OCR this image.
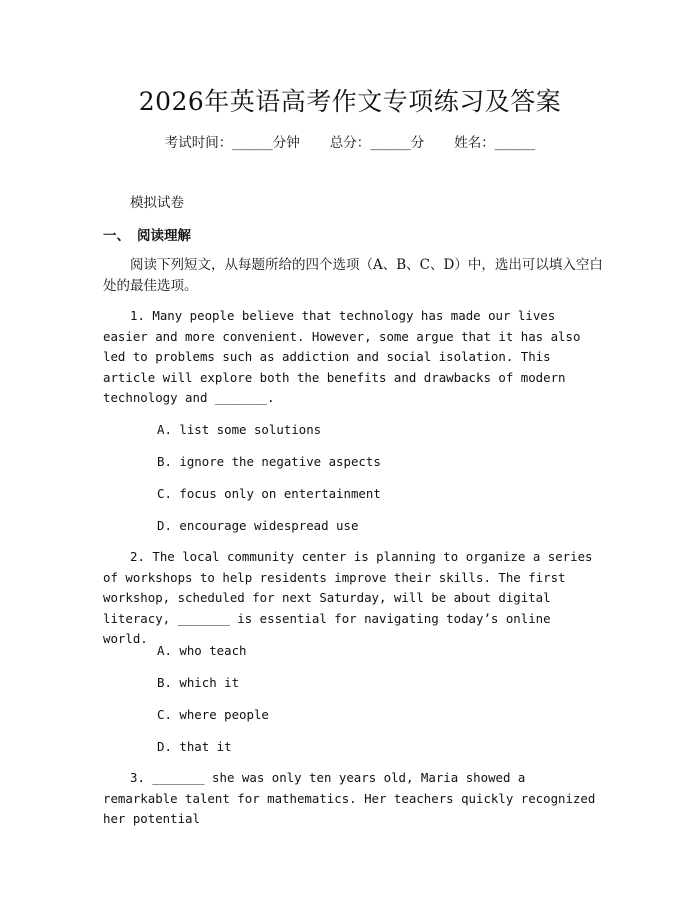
2026年英语高考作文专项练习及答案
考试时间：______分钟 总分：______分 姓名：______
模拟试卷
一、 阅读理解
阅读下列短文，从每题所给的四个选项（A、B、C、D）中，选出可以填入空白处的最佳选项。
1. Many people believe that technology has made our lives easier and more convenient. However, some argue that it has also led to problems such as addiction and social isolation. This article will explore both the benefits and drawbacks of modern technology and _______.
A. list some solutions
B. ignore the negative aspects
C. focus only on entertainment
D. encourage widespread use
2. The local community center is planning to organize a series of workshops to help residents improve their skills. The first workshop, scheduled for next Saturday, will be about digital literacy, _______ is essential for navigating today’s online world.
A. who teach
B. which it
C. where people
D. that it
3. _______ she was only ten years old, Maria showed a remarkable talent for mathematics. Her teachers quickly recognized her potential
